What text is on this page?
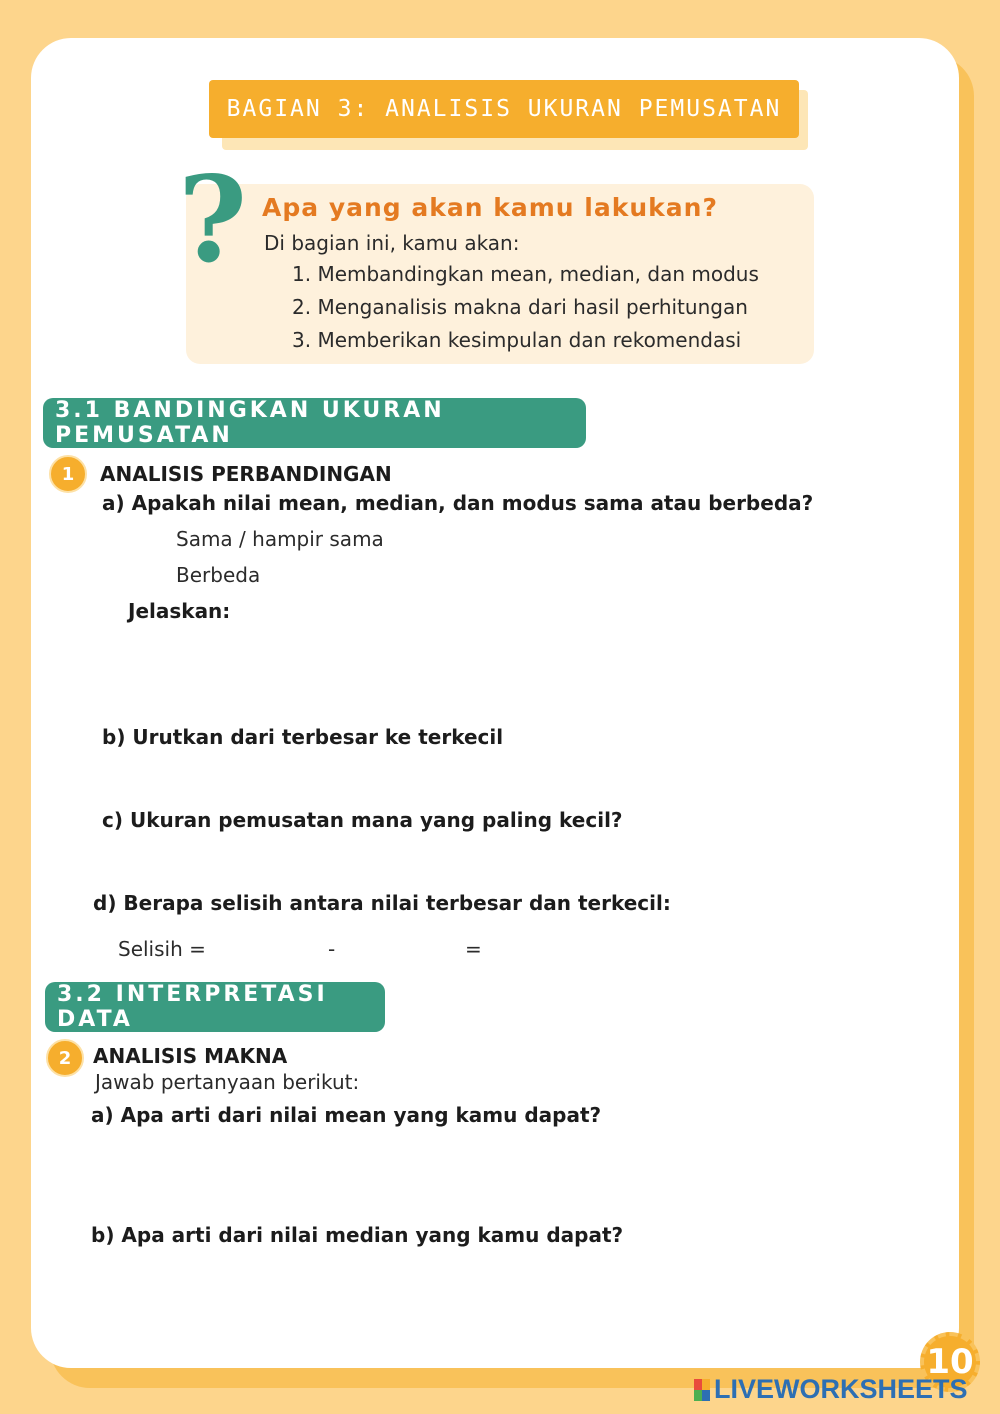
BAGIAN 3: ANALISIS UKURAN PEMUSATAN
? Apa yang akan kamu lakukan?
Di bagian ini, kamu akan:
1. Membandingkan mean, median, dan modus
2. Menganalisis makna dari hasil perhitungan
3. Memberikan kesimpulan dan rekomendasi
3.1 BANDINGKAN UKURAN PEMUSATAN
1	ANALISIS PERBANDINGAN
a) Apakah nilai mean, median, dan modus sama atau berbeda?
Sama / hampir sama
Berbeda
Jelaskan:
b) Urutkan dari terbesar ke terkecil
c) Ukuran pemusatan mana yang paling kecil?
d) Berapa selisih antara nilai terbesar dan terkecil:
Selisih =	-	=
3.2 INTERPRETASI DATA
2	ANALISIS MAKNA
Jawab pertanyaan berikut:
a) Apa arti dari nilai mean yang kamu dapat?
b) Apa arti dari nilai median yang kamu dapat?
10
LIVEWORKSHEETS
